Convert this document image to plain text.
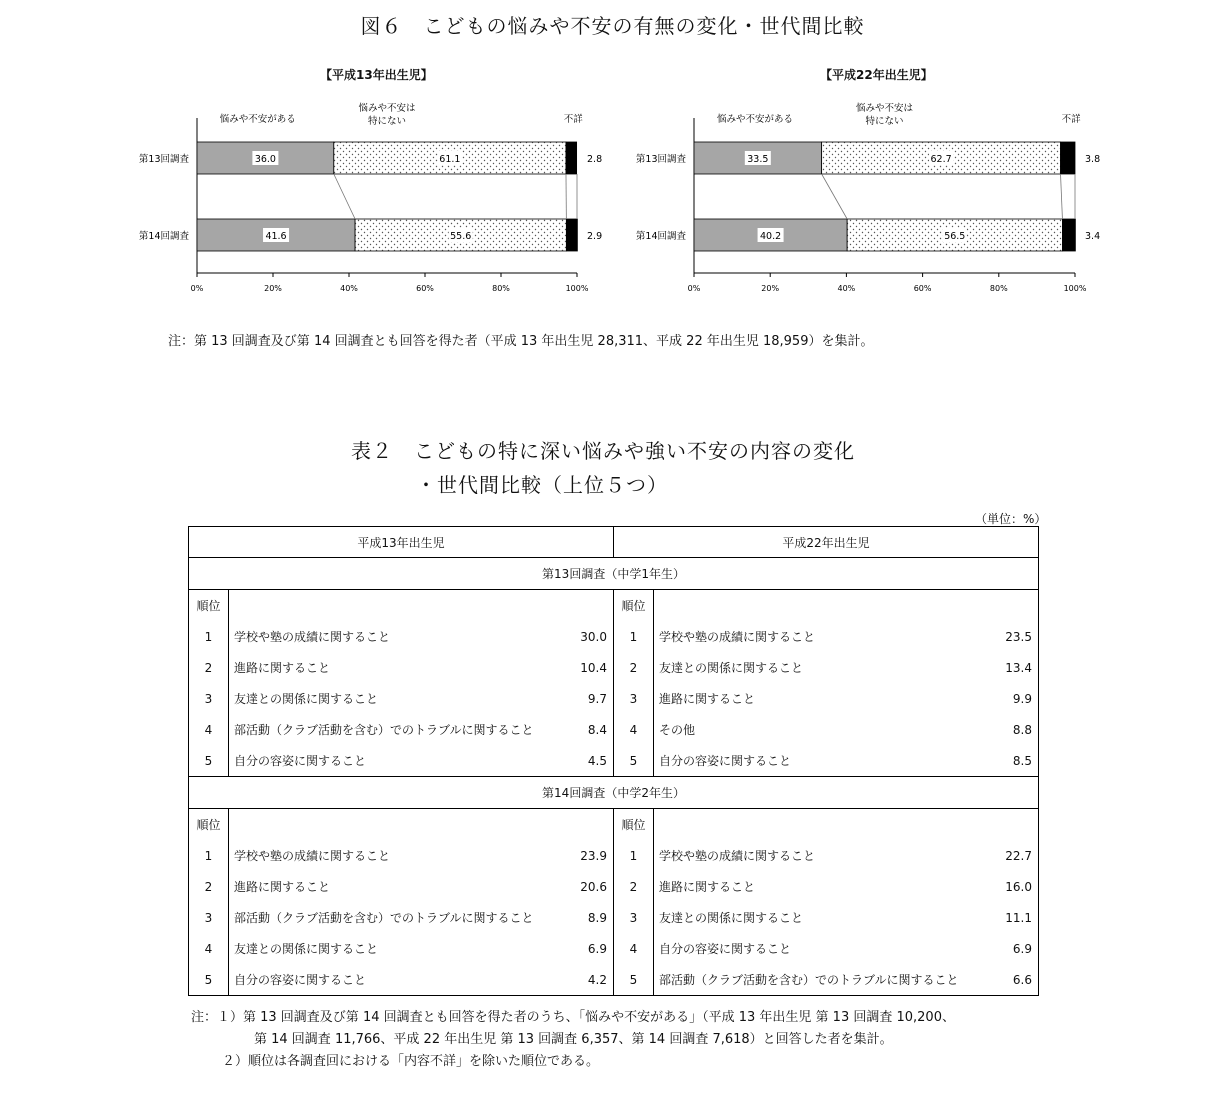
図６　こどもの悩みや不安の有無の変化・世代間比較
0%	20%	40%	60%	80%	100%
悩みや不安がある
悩みや不安は
特にない	不詳
第13回調査	36.0	61.1	2.8
第14回調査	41.6	55.6	2.9
0%	20%	40%	60%	80%	100%
悩みや不安がある
悩みや不安は
特にない	不詳
第13回調査	33.5	62.7	3.8
第14回調査	40.2	56.5	3.4
【平成13年出生児】	【平成22年出生児】
注：第 13 回調査及び第 14 回調査とも回答を得た者（平成 13 年出生児 28,311、平成 22 年出生児 18,959）を集計。
表２　こどもの特に深い悩みや強い不安の内容の変化
・世代間比較（上位５つ）
（単位：%）
平成13年出生児			平成22年出生児		
第13回調査（中学1年生）					
順位			順位		
1	学校や塾の成績に関すること	30.0	1	学校や塾の成績に関すること	23.5
2	進路に関すること	10.4	2	友達との関係に関すること	13.4
3	友達との関係に関すること	9.7	3	進路に関すること	9.9
4	部活動（クラブ活動を含む）でのトラブルに関すること	8.4	4	その他	8.8
5	自分の容姿に関すること	4.5	5	自分の容姿に関すること	8.5
第14回調査（中学2年生）					
順位			順位		
1	学校や塾の成績に関すること	23.9	1	学校や塾の成績に関すること	22.7
2	進路に関すること	20.6	2	進路に関すること	16.0
3	部活動（クラブ活動を含む）でのトラブルに関すること	8.9	3	友達との関係に関すること	11.1
4	友達との関係に関すること	6.9	4	自分の容姿に関すること	6.9
5	自分の容姿に関すること	4.2	5	部活動（クラブ活動を含む）でのトラブルに関すること	6.6
注：１）第 13 回調査及び第 14 回調査とも回答を得た者のうち、「悩みや不安がある」（平成 13 年出生児 第 13 回調査 10,200、
第 14 回調査 11,766、平成 22 年出生児 第 13 回調査 6,357、第 14 回調査 7,618）と回答した者を集計。
２）順位は各調査回における「内容不詳」を除いた順位である。
